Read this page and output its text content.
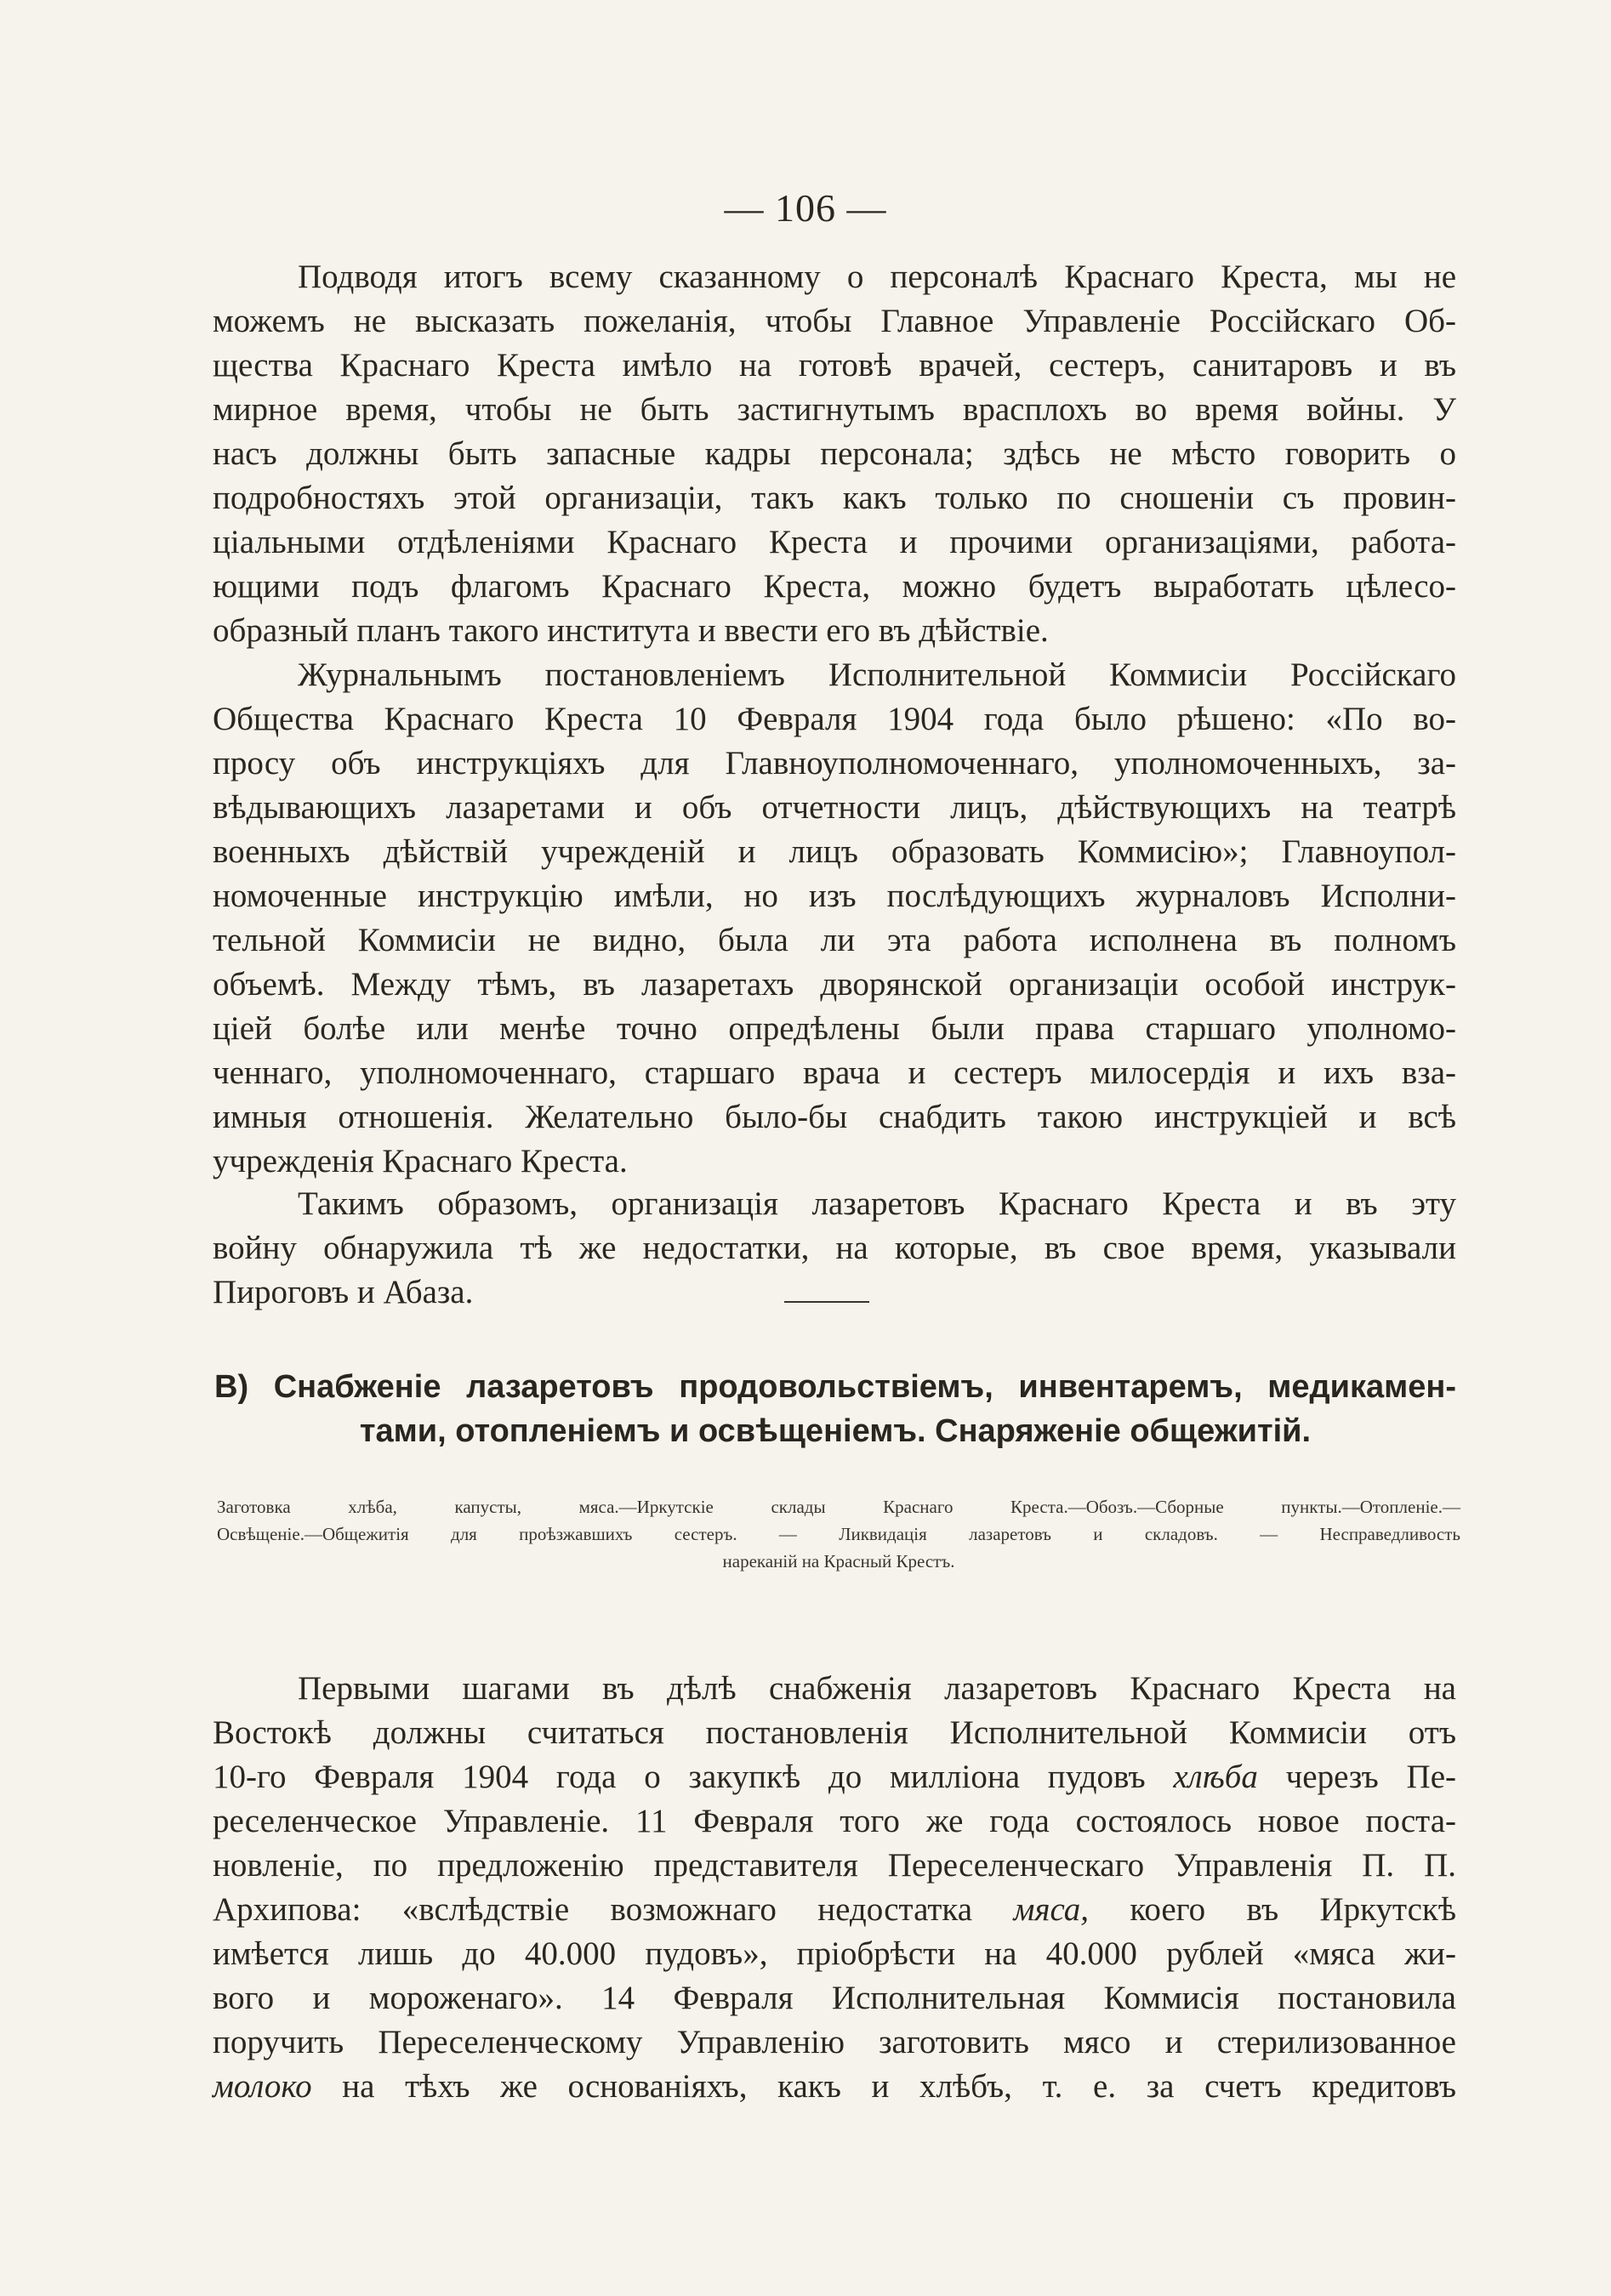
— 106 —
Подводя итогъ всему сказанному о персоналѣ Краснаго Креста, мы не
можемъ не высказать пожеланія, чтобы Главное Управленіе Россійскаго Об-
щества Краснаго Креста имѣло на готовѣ врачей, сестеръ, санитаровъ и въ
мирное время, чтобы не быть застигнутымъ врасплохъ во время войны. У
насъ должны быть запасные кадры персонала; здѣсь не мѣсто говорить о
подробностяхъ этой организаціи, такъ какъ только по сношеніи съ провин-
ціальными отдѣленіями Краснаго Креста и прочими организаціями, работа-
ющими подъ флагомъ Краснаго Креста, можно будетъ выработать цѣлесо-
образный планъ такого института и ввести его въ дѣйствіе.
Журнальнымъ постановленіемъ Исполнительной Коммисіи Россійскаго
Общества Краснаго Креста 10 Февраля 1904 года было рѣшено: «По во-
просу объ инструкціяхъ для Главноуполномоченнаго, уполномоченныхъ, за-
вѣдывающихъ лазаретами и объ отчетности лицъ, дѣйствующихъ на театрѣ
военныхъ дѣйствій учрежденій и лицъ образовать Коммисію»; Главноупол-
номоченные инструкцію имѣли, но изъ послѣдующихъ журналовъ Исполни-
тельной Коммисіи не видно, была ли эта работа исполнена въ полномъ
объемѣ. Между тѣмъ, въ лазаретахъ дворянской организаціи особой инструк-
ціей болѣе или менѣе точно опредѣлены были права старшаго уполномо-
ченнаго, уполномоченнаго, старшаго врача и сестеръ милосердія и ихъ вза-
имныя отношенія. Желательно было-бы снабдить такою инструкціей и всѣ
учрежденія Краснаго Креста.
Такимъ образомъ, организація лазаретовъ Краснаго Креста и въ эту
войну обнаружила тѣ же недостатки, на которые, въ свое время, указывали
Пироговъ и Абаза.
В) Снабженіе лазаретовъ продовольствіемъ, инвентаремъ, медикамен-
тами, отопленіемъ и освѣщеніемъ. Снаряженіе общежитій.
Заготовка хлѣба, капусты, мяса.—Иркутскіе склады Краснаго Креста.—Обозъ.—Сборные пункты.—Отопленіе.—
Освѣщеніе.—Общежитія для проѣзжавшихъ сестеръ. — Ликвидація лазаретовъ и складовъ. — Несправедливость
нареканій на Красный Крестъ.
Первыми шагами въ дѣлѣ снабженія лазаретовъ Краснаго Креста на
Востокѣ должны считаться постановленія Исполнительной Коммисіи отъ
10-го Февраля 1904 года о закупкѣ до милліона пудовъ хлѣба черезъ Пе-
реселенческое Управленіе. 11 Февраля того же года состоялось новое поста-
новленіе, по предложенію представителя Переселенческаго Управленія П. П.
Архипова: «вслѣдствіе возможнаго недостатка мяса, коего въ Иркутскѣ
имѣется лишь до 40.000 пудовъ», пріобрѣсти на 40.000 рублей «мяса жи-
вого и мороженаго». 14 Февраля Исполнительная Коммисія постановила
поручить Переселенческому Управленію заготовить мясо и стерилизованное
молоко на тѣхъ же основаніяхъ, какъ и хлѣбъ, т. е. за счетъ кредитовъ
